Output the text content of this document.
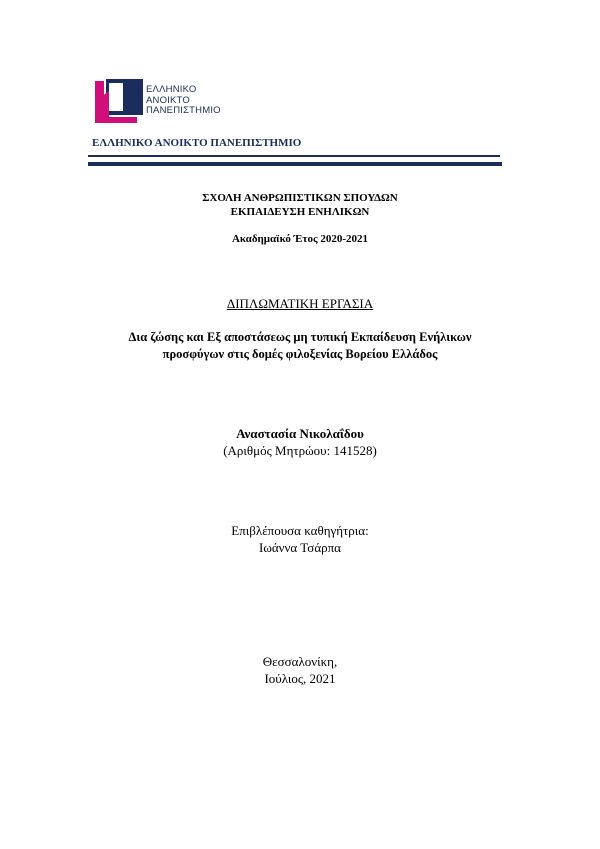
ΕΛΛΗΝΙΚΟ
ΑΝΟΙΚΤΟ
ΠΑΝΕΠΙΣΤΗΜΙΟ
ΕΛΛΗΝΙΚΟ ΑΝΟΙΚΤΟ ΠΑΝΕΠΙΣΤΗΜΙΟ
ΣΧΟΛΗ ΑΝΘΡΩΠΙΣΤΙΚΩΝ ΣΠΟΥΔΩΝ
ΕΚΠΑΙΔΕΥΣΗ ΕΝΗΛΙΚΩΝ
Ακαδημαϊκό Έτος 2020-2021
ΔΙΠΛΩΜΑΤΙΚΗ ΕΡΓΑΣΙΑ
Δια ζώσης και Εξ αποστάσεως μη τυπική Εκπαίδευση Ενήλικων
προσφύγων στις δομές φιλοξενίας Βορείου Ελλάδος
Αναστασία Νικολαΐδου
(Αριθμός Μητρώου: 141528)
Επιβλέπουσα καθηγήτρια:
Ιωάννα Τσάρπα
Θεσσαλονίκη,
Ιούλιος, 2021
